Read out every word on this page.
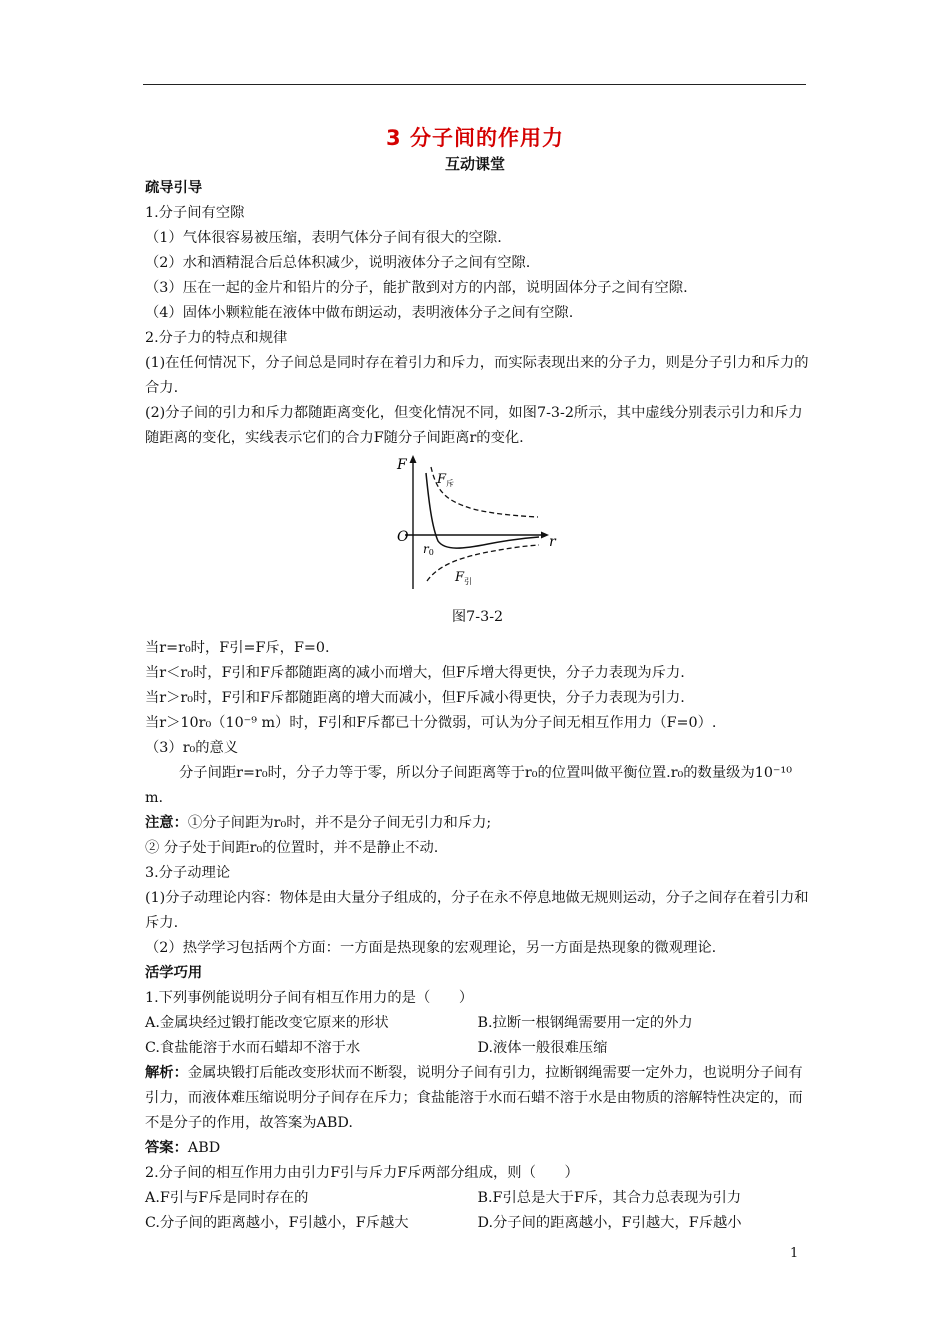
3 分子间的作用力
互动课堂

疏导引导

1.分子间有空隙

（1）气体很容易被压缩，表明气体分子间有很大的空隙.

（2）水和酒精混合后总体积减少，说明液体分子之间有空隙.

（3）压在一起的金片和铅片的分子，能扩散到对方的内部，说明固体分子之间有空隙.

（4）固体小颗粒能在液体中做布朗运动，表明液体分子之间有空隙.

2.分子力的特点和规律

(1)在任何情况下，分子间总是同时存在着引力和斥力，而实际表现出来的分子力，则是分子引力和斥力的合力.

(2)分子间的引力和斥力都随距离变化，但变化情况不同，如图7-3-2所示，其中虚线分别表示引力和斥力随距离的变化，实线表示它们的合力F随分子间距离r的变化.

F
O	r
$F_斥$
$F_引$
r0

图7-3-2

当r=r₀时，F引=F斥，F=0.

当r＜r₀时，F引和F斥都随距离的减小而增大，但F斥增大得更快，分子力表现为斥力.

当r＞r₀时，F引和F斥都随距离的增大而减小，但F斥减小得更快，分子力表现为引力.

当r＞10r₀（10⁻⁹ m）时，F引和F斥都已十分微弱，可认为分子间无相互作用力（F=0）.

（3）r₀的意义

分子间距r=r₀时，分子力等于零，所以分子间距离等于r₀的位置叫做平衡位置.r₀的数量级为10⁻¹⁰ m.

注意：①分子间距为r₀时，并不是分子间无引力和斥力;

② 分子处于间距r₀的位置时，并不是静止不动.

3.分子动理论

(1)分子动理论内容：物体是由大量分子组成的，分子在永不停息地做无规则运动，分子之间存在着引力和斥力.

（2）热学学习包括两个方面：一方面是热现象的宏观理论，另一方面是热现象的微观理论.

活学巧用

1.下列事例能说明分子间有相互作用力的是（　　）

A.金属块经过锻打能改变它原来的形状	B.拉断一根钢绳需要用一定的外力
C.食盐能溶于水而石蜡却不溶于水	D.液体一般很难压缩

解析：金属块锻打后能改变形状而不断裂，说明分子间有引力，拉断钢绳需要一定外力，也说明分子间有引力，而液体难压缩说明分子间存在斥力；食盐能溶于水而石蜡不溶于水是由物质的溶解特性决定的，而不是分子的作用，故答案为ABD.

答案：ABD

2.分子间的相互作用力由引力F引与斥力F斥两部分组成，则（　　）

A.F引与F斥是同时存在的	B.F引总是大于F斥，其合力总表现为引力
C.分子间的距离越小，F引越小，F斥越大	D.分子间的距离越小，F引越大，F斥越小
1
